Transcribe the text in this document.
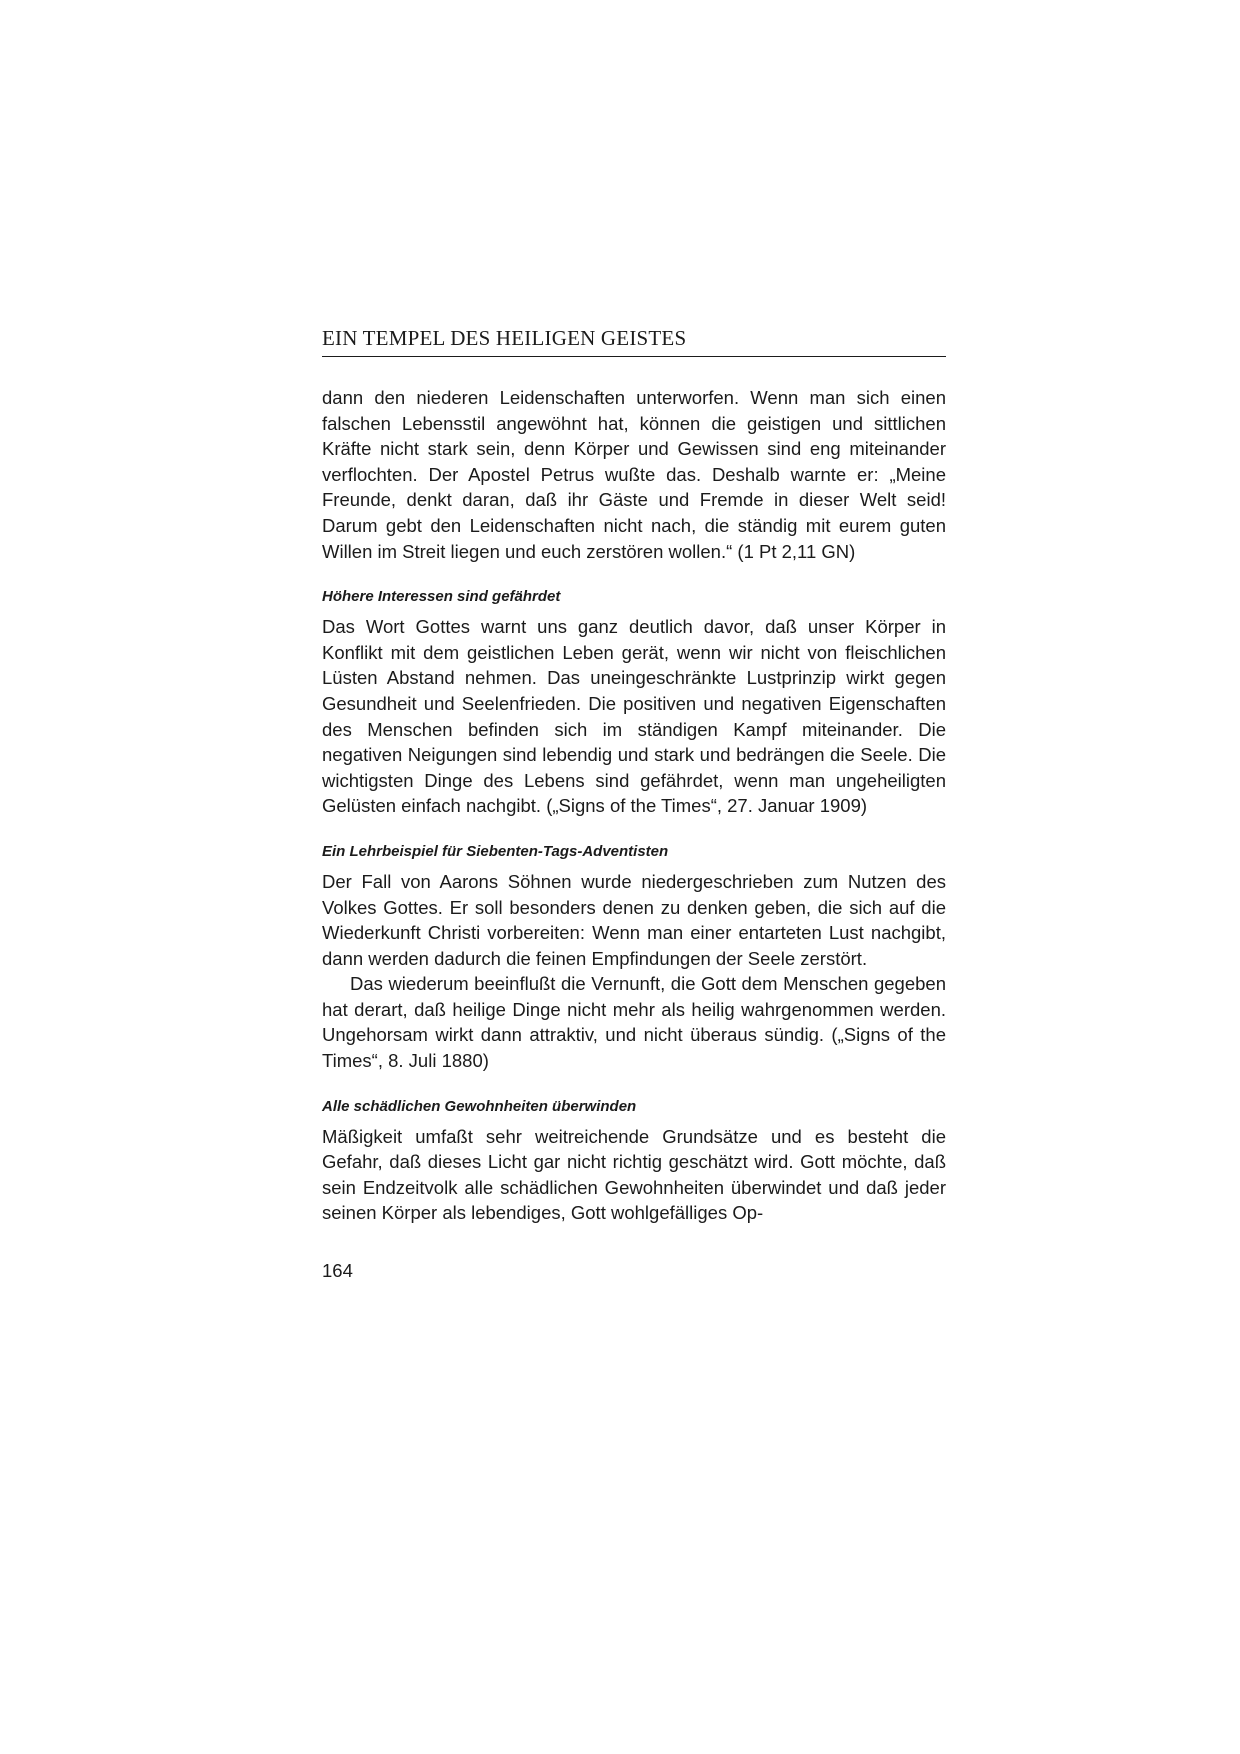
EIN TEMPEL DES HEILIGEN GEISTES

dann den niederen Leidenschaften unterworfen. Wenn man sich einen falschen Lebensstil angewöhnt hat, können die geistigen und sittlichen Kräfte nicht stark sein, denn Körper und Gewissen sind eng miteinander verflochten. Der Apostel Petrus wußte das. Deshalb warnte er: „Meine Freunde, denkt daran, daß ihr Gäste und Fremde in dieser Welt seid! Darum gebt den Leidenschaften nicht nach, die ständig mit eurem guten Willen im Streit liegen und euch zerstören wollen.“ (1 Pt 2,11 GN)

Höhere Interessen sind gefährdet

Das Wort Gottes warnt uns ganz deutlich davor, daß unser Körper in Konflikt mit dem geistlichen Leben gerät, wenn wir nicht von fleischlichen Lüsten Abstand nehmen. Das uneingeschränkte Lustprinzip wirkt gegen Gesundheit und Seelenfrieden. Die positiven und negativen Eigenschaften des Menschen befinden sich im ständigen Kampf miteinander. Die negativen Neigungen sind lebendig und stark und bedrängen die Seele. Die wichtigsten Dinge des Lebens sind gefährdet, wenn man ungeheiligten Gelüsten einfach nachgibt. („Signs of the Times“, 27. Januar 1909)

Ein Lehrbeispiel für Siebenten-Tags-Adventisten

Der Fall von Aarons Söhnen wurde niedergeschrieben zum Nutzen des Volkes Gottes. Er soll besonders denen zu denken geben, die sich auf die Wiederkunft Christi vorbereiten: Wenn man einer entarteten Lust nachgibt, dann werden dadurch die feinen Empfindungen der Seele zerstört.

Das wiederum beeinflußt die Vernunft, die Gott dem Menschen gegeben hat derart, daß heilige Dinge nicht mehr als heilig wahrgenommen werden. Ungehorsam wirkt dann attraktiv, und nicht überaus sündig. („Signs of the Times“, 8. Juli 1880)

Alle schädlichen Gewohnheiten überwinden

Mäßigkeit umfaßt sehr weitreichende Grundsätze und es besteht die Gefahr, daß dieses Licht gar nicht richtig geschätzt wird. Gott möchte, daß sein Endzeitvolk alle schädlichen Gewohnheiten überwindet und daß jeder seinen Körper als lebendiges, Gott wohlgefälliges Op-

164
